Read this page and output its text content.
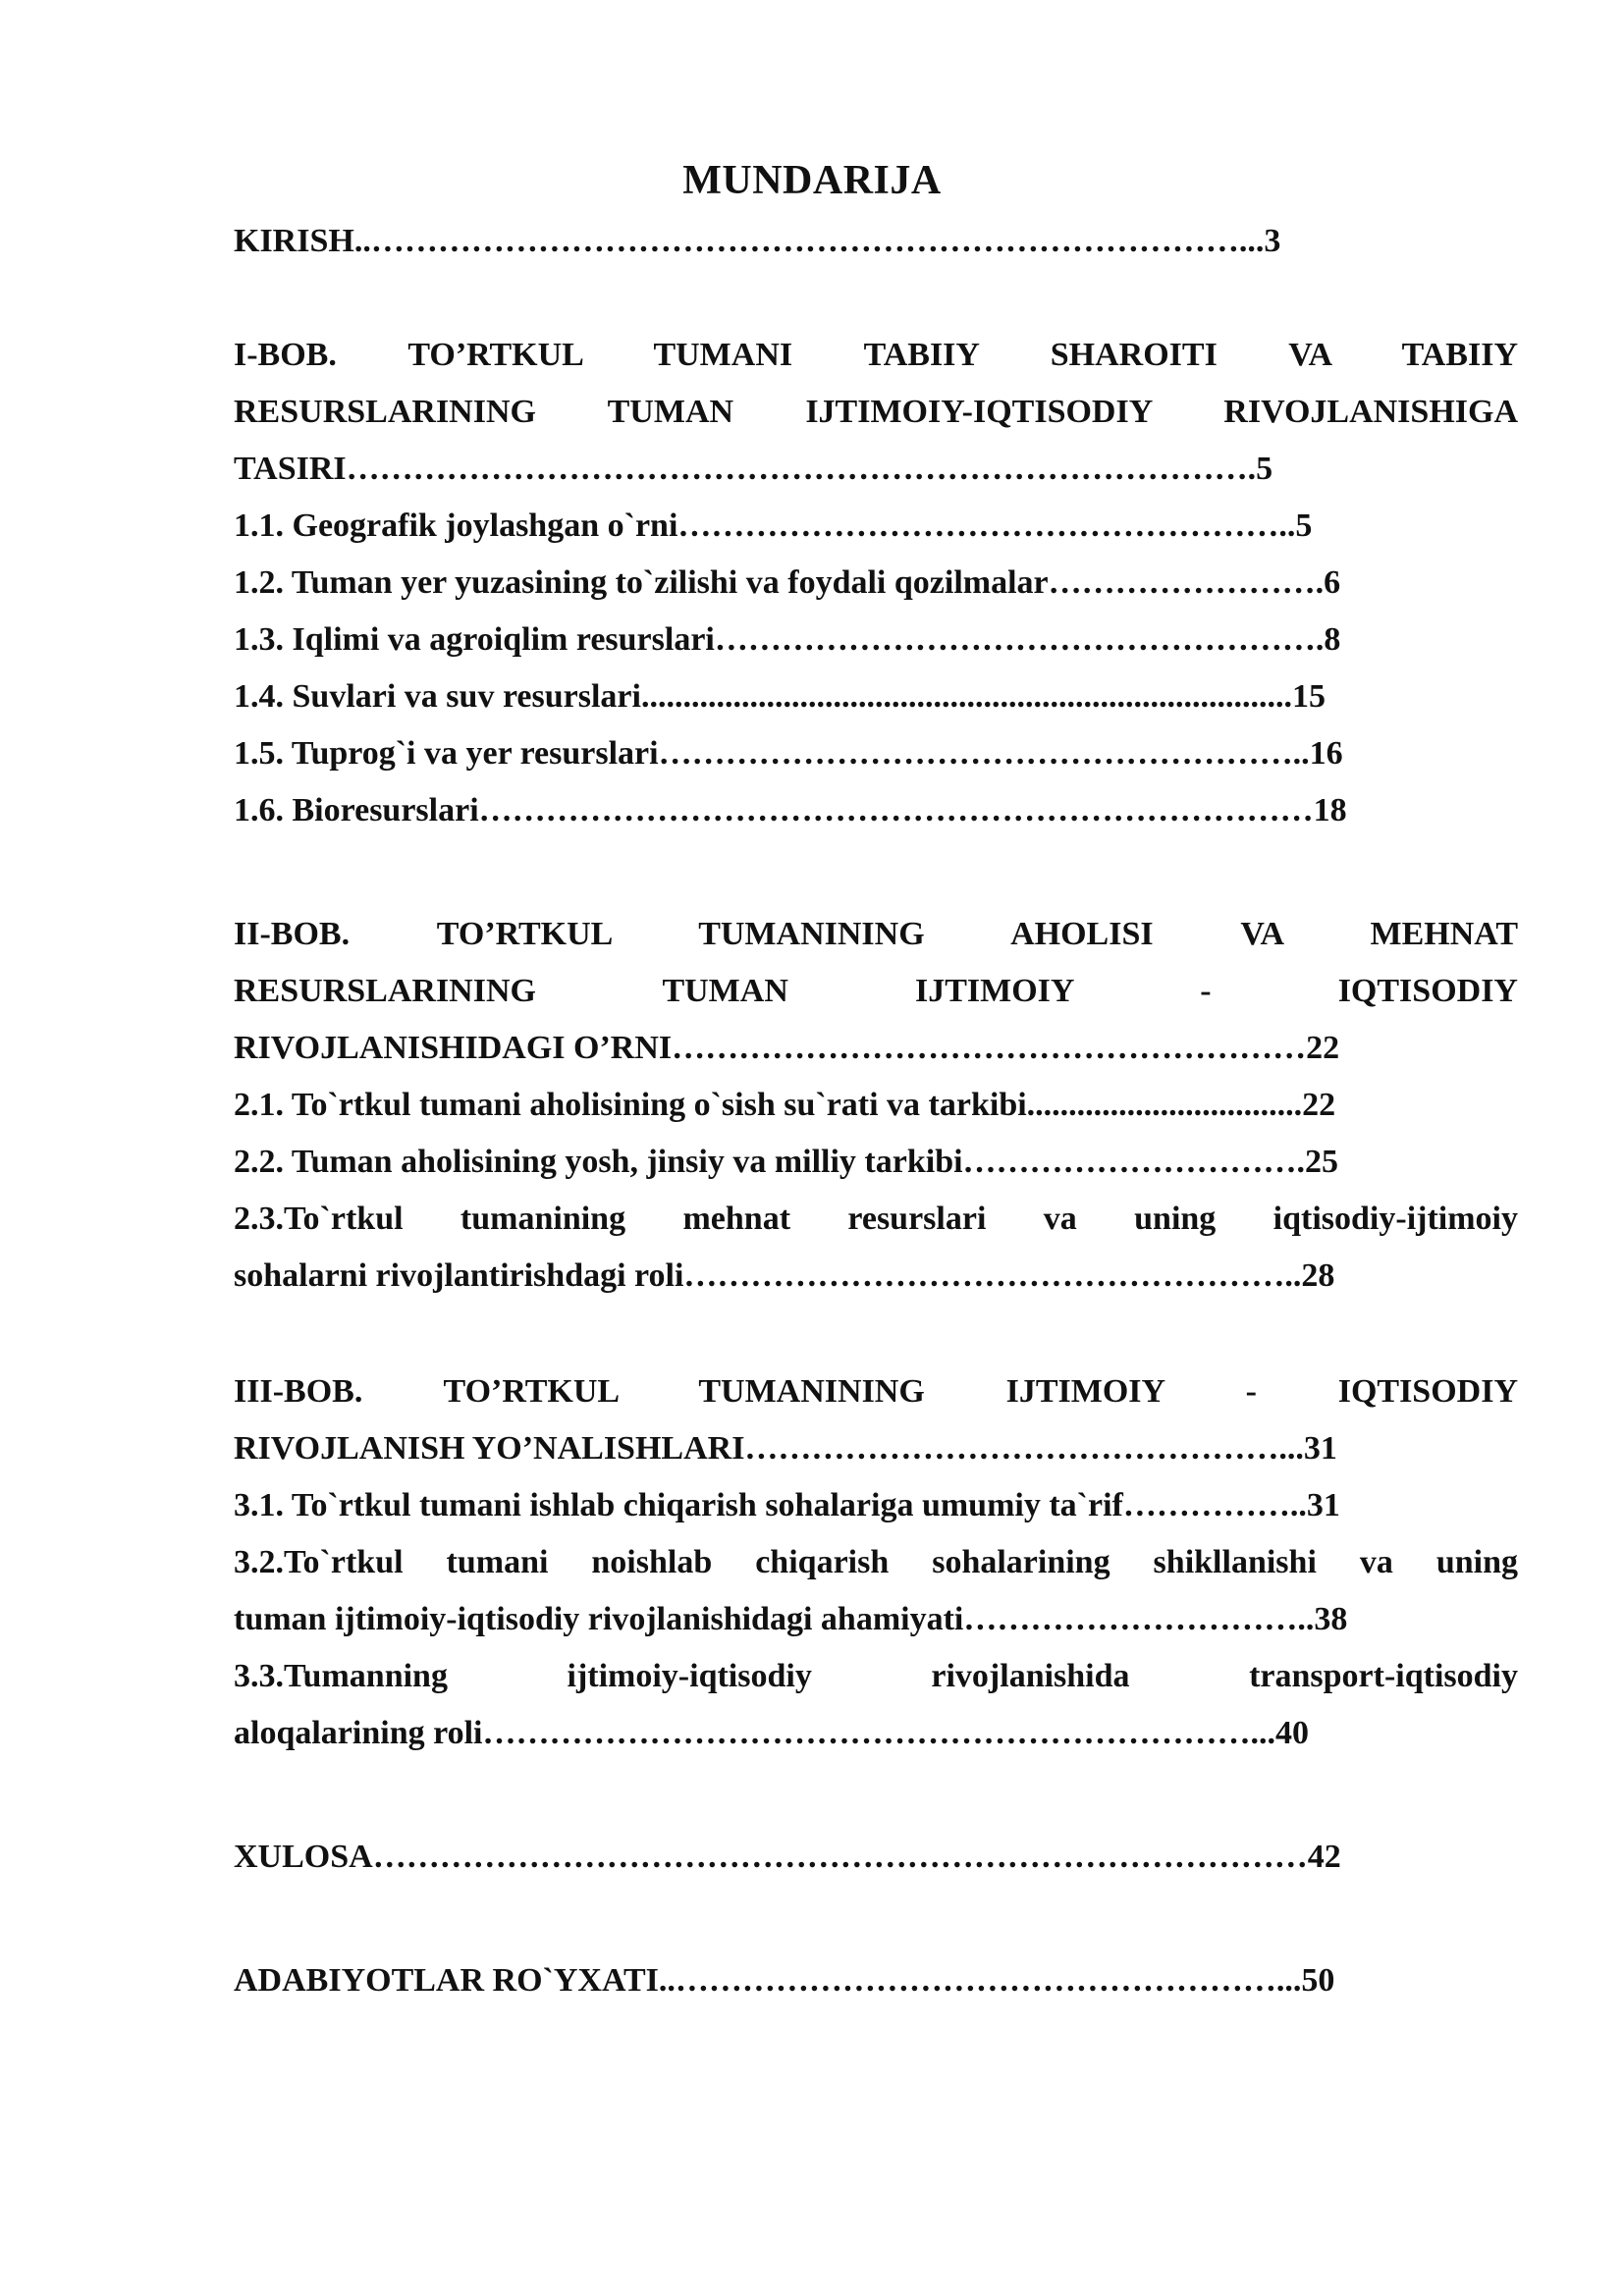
MUNDARIJA
KIRISH..……………………………………………………………………...3
I-BOB. TO’RTKUL TUMANI TABIIY SHAROITI VA TABIIY
RESURSLARINING TUMAN IJTIMOIY-IQTISODIY RIVOJLANISHIGA
TASIRI……………………………………………………………………….5
1.1. Geografik joylashgan o`rni………………………………………………..5
1.2. Tuman yer yuzasining to`zilishi va foydali qozilmalar…………………….6
1.3. Iqlimi va agroiqlim resurslari……………………………………………….8
1.4. Suvlari va suv resurslari..............................................................................15
1.5. Tuprog`i va yer resurslari…………………………………………………..16
1.6. Bioresurslari…………………………………………………………………18
II-BOB. TO’RTKUL TUMANINING AHOLISI VA MEHNAT
RESURSLARINING TUMAN IJTIMOIY - IQTISODIY
RIVOJLANISHIDAGI O’RNI…………………………………………………22
2.1. To`rtkul tumani aholisining o`sish su`rati va tarkibi.................................22
2.2. Tuman aholisining yosh, jinsiy va milliy tarkibi………………………….25
2.3.To`rtkul tumanining mehnat resurslari va uning iqtisodiy-ijtimoiy
sohalarni rivojlantirishdagi roli………………………………………………..28
III-BOB. TO’RTKUL TUMANINING IJTIMOIY - IQTISODIY
RIVOJLANISH YO’NALISHLARI…………………………………………...31
3.1. To`rtkul tumani ishlab chiqarish sohalariga umumiy ta`rif……………..31
3.2.To`rtkul tumani noishlab chiqarish sohalarining shikllanishi va uning
tuman ijtimoiy-iqtisodiy rivojlanishidagi ahamiyati…………………………..38
3.3.Tumanning ijtimoiy-iqtisodiy rivojlanishida transport-iqtisodiy
aloqalarining roli……………………………………………………………...40
XULOSA…………………………………………………………………………42
ADABIYOTLAR RO`YXATI..………………………………………………...50
